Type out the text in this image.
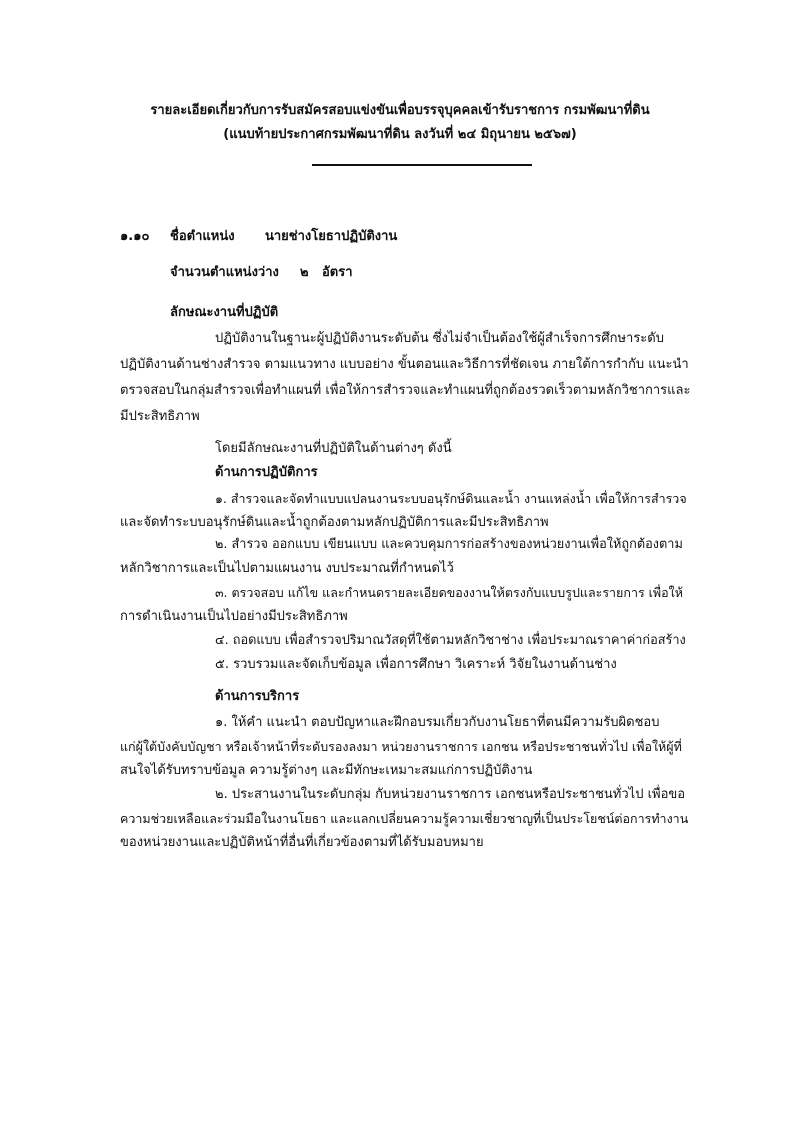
รายละเอียดเกี่ยวกับการรับสมัครสอบแข่งขันเพื่อบรรจุบุคคลเข้ารับราชการ กรมพัฒนาที่ดิน
(แนบท้ายประกาศกรมพัฒนาที่ดิน ลงวันที่ ๒๔ มิถุนายน ๒๕๖๗)
๑.๑๐ ชื่อตำแหน่ง นายช่างโยธาปฏิบัติงาน
จำนวนตำแหน่งว่าง ๒ อัตรา
ลักษณะงานที่ปฏิบัติ
ปฏิบัติงานในฐานะผู้ปฏิบัติงานระดับต้น ซึ่งไม่จำเป็นต้องใช้ผู้สำเร็จการศึกษาระดับ
ปฏิบัติงานด้านช่างสำรวจ ตามแนวทาง แบบอย่าง ขั้นตอนและวิธีการที่ชัดเจน ภายใต้การกำกับ แนะนำ
ตรวจสอบในกลุ่มสำรวจเพื่อทำแผนที่ เพื่อให้การสำรวจและทำแผนที่ถูกต้องรวดเร็วตามหลักวิชาการและ
มีประสิทธิภาพ
โดยมีลักษณะงานที่ปฏิบัติในด้านต่างๆ ดังนี้
ด้านการปฏิบัติการ
๑. สำรวจและจัดทำแบบแปลนงานระบบอนุรักษ์ดินและน้ำ งานแหล่งน้ำ เพื่อให้การสำรวจ
และจัดทำระบบอนุรักษ์ดินและน้ำถูกต้องตามหลักปฏิบัติการและมีประสิทธิภาพ
๒. สำรวจ ออกแบบ เขียนแบบ และควบคุมการก่อสร้างของหน่วยงานเพื่อให้ถูกต้องตาม
หลักวิชาการและเป็นไปตามแผนงาน งบประมาณที่กำหนดไว้
๓. ตรวจสอบ แก้ไข และกำหนดรายละเอียดของงานให้ตรงกับแบบรูปและรายการ เพื่อให้
การดำเนินงานเป็นไปอย่างมีประสิทธิภาพ
๔. ถอดแบบ เพื่อสำรวจปริมาณวัสดุที่ใช้ตามหลักวิชาช่าง เพื่อประมาณราคาค่าก่อสร้าง
๕. รวบรวมและจัดเก็บข้อมูล เพื่อการศึกษา วิเคราะห์ วิจัยในงานด้านช่าง
ด้านการบริการ
๑. ให้คำ แนะนำ ตอบปัญหาและฝึกอบรมเกี่ยวกับงานโยธาที่ตนมีความรับผิดชอบ
แก่ผู้ใต้บังคับบัญชา หรือเจ้าหน้าที่ระดับรองลงมา หน่วยงานราชการ เอกชน หรือประชาชนทั่วไป เพื่อให้ผู้ที่
สนใจได้รับทราบข้อมูล ความรู้ต่างๆ และมีทักษะเหมาะสมแก่การปฏิบัติงาน
๒. ประสานงานในระดับกลุ่ม กับหน่วยงานราชการ เอกชนหรือประชาชนทั่วไป เพื่อขอ
ความช่วยเหลือและร่วมมือในงานโยธา และแลกเปลี่ยนความรู้ความเชี่ยวชาญที่เป็นประโยชน์ต่อการทำงาน
ของหน่วยงานและปฏิบัติหน้าที่อื่นที่เกี่ยวข้องตามที่ได้รับมอบหมาย
